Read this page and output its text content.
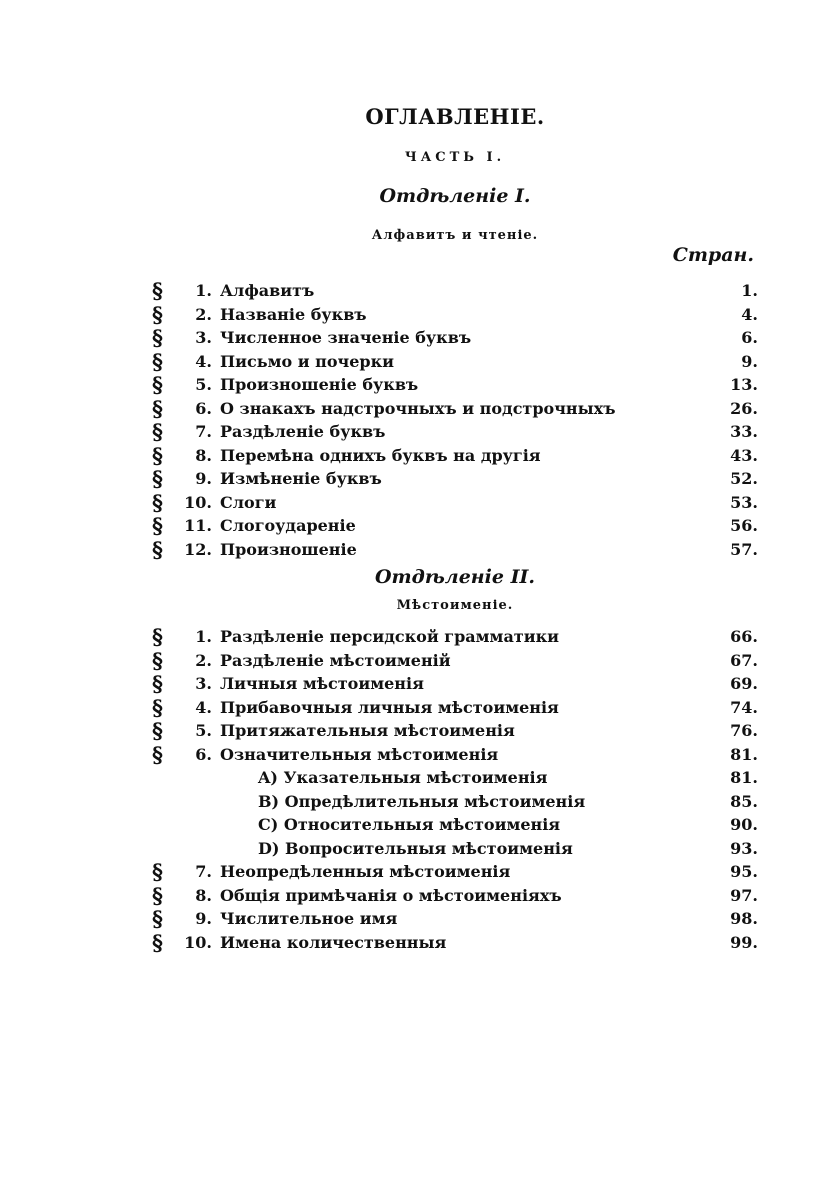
ОГЛАВЛЕНІЕ.
ЧАСТЬ I.
Отдѣленіе I.
Алфавитъ и чтеніе.
Стран.
§	1. Алфавитъ	1.
§	2. Названіе буквъ	4.
§	3. Численное значеніе буквъ	6.
§	4. Письмо и почерки	9.
§	5. Произношеніе буквъ	13.
§	6. О знакахъ надстрочныхъ и подстрочныхъ	26.
§	7. Раздѣленіе буквъ	33.
§	8. Перемѣна однихъ буквъ на другія	43.
§	9. Измѣненіе буквъ	52.
§	10. Слоги	53.
§	11. Слогоудареніе	56.
§	12. Произношеніе	57.
Отдѣленіе II.
Мѣстоименіе.
§	1. Раздѣленіе персидской грамматики	66.
§	2. Раздѣленіе мѣстоименій	67.
§	3. Личныя мѣстоименія	69.
§	4. Прибавочныя личныя мѣстоименія	74.
§	5. Притяжательныя мѣстоименія	76.
§	6. Означительныя мѣстоименія	81.
A) Указательныя мѣстоименія	81.
B) Опредѣлительныя мѣстоименія	85.
C) Относительныя мѣстоименія	90.
D) Вопросительныя мѣстоименія	93.
§	7. Неопредѣленныя мѣстоименія	95.
§	8. Общія примѣчанія о мѣстоименіяхъ	97.
§	9. Числительное имя	98.
§	10. Имена количественныя	99.
